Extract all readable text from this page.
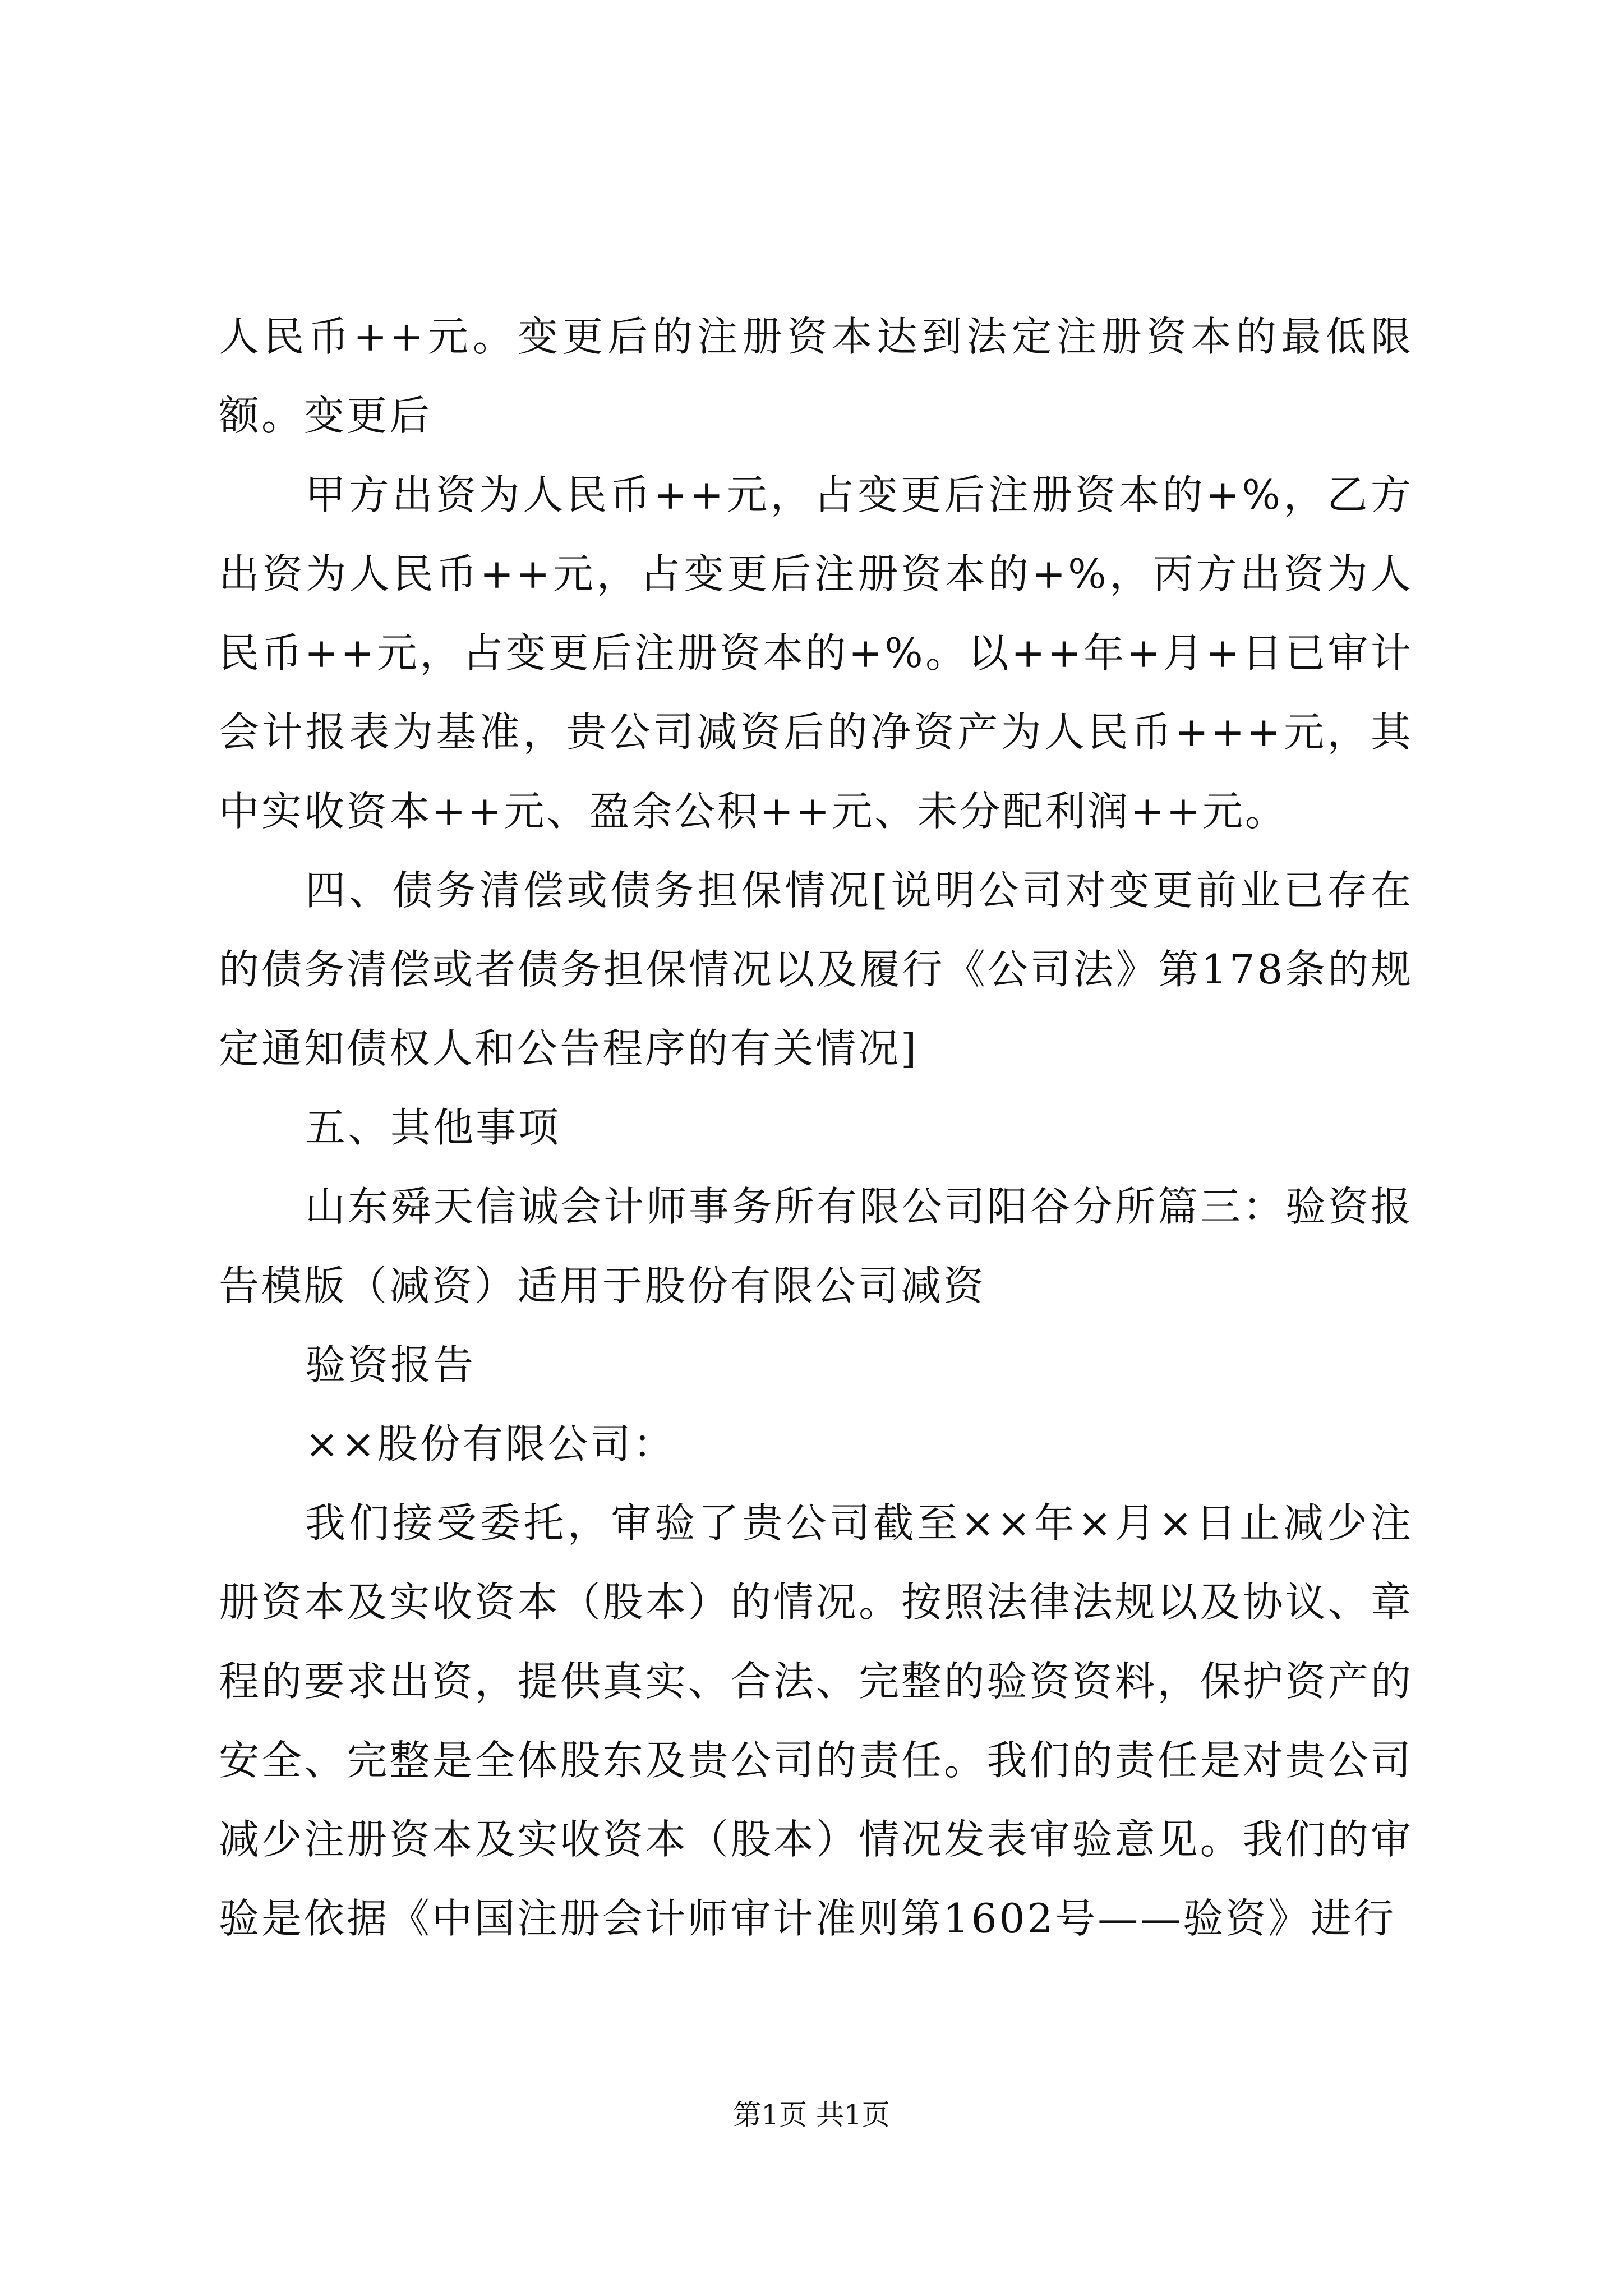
人民币++元。变更后的注册资本达到法定注册资本的最低限额。变更后

甲方出资为人民币++元，占变更后注册资本的+%，乙方出资为人民币++元，占变更后注册资本的+%，丙方出资为人民币++元，占变更后注册资本的+%。以++年+月+日已审计会计报表为基准，贵公司减资后的净资产为人民币+++元，其中实收资本++元、盈余公积++元、未分配利润++元。

四、债务清偿或债务担保情况[说明公司对变更前业已存在的债务清偿或者债务担保情况以及履行《公司法》第178条的规定通知债权人和公告程序的有关情况]

五、其他事项

山东舜天信诚会计师事务所有限公司阳谷分所篇三：验资报告模版（减资）适用于股份有限公司减资

验资报告

××股份有限公司：

我们接受委托，审验了贵公司截至××年×月×日止减少注册资本及实收资本（股本）的情况。按照法律法规以及协议、章程的要求出资，提供真实、合法、完整的验资资料，保护资产的安全、完整是全体股东及贵公司的责任。我们的责任是对贵公司减少注册资本及实收资本（股本）情况发表审验意见。我们的审验是依据《中国注册会计师审计准则第1602号——验资》进行

第1页 共1页
